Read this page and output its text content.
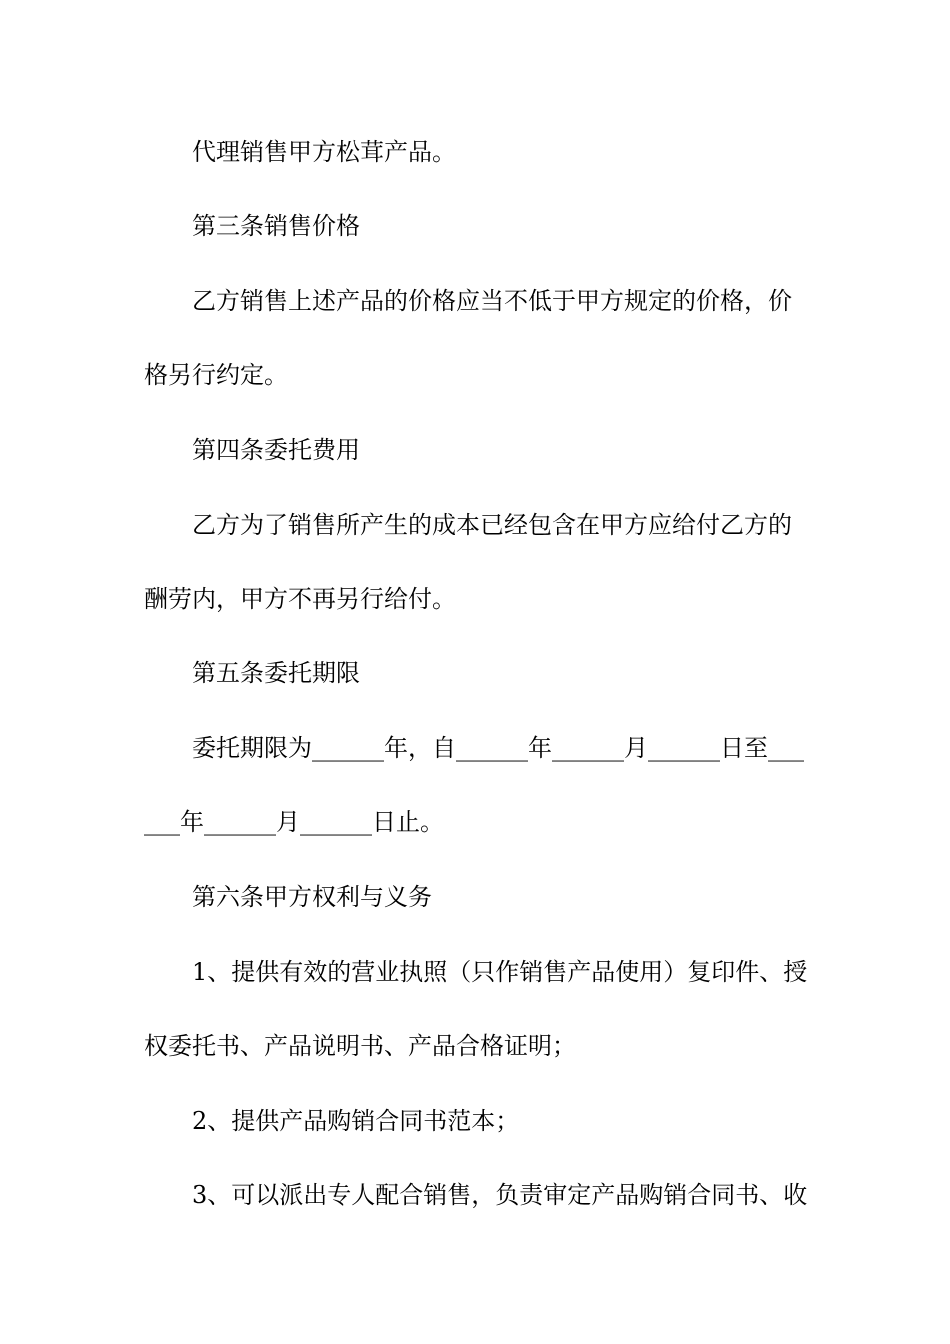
代理销售甲方松茸产品。
第三条销售价格
乙方销售上述产品的价格应当不低于甲方规定的价格，价
格另行约定。
第四条委托费用
乙方为了销售所产生的成本已经包含在甲方应给付乙方的
酬劳内，甲方不再另行给付。
第五条委托期限
委托期限为______年，自______年______月______日至___
___年______月______日止。
第六条甲方权利与义务
1、提供有效的营业执照（只作销售产品使用）复印件、授
权委托书、产品说明书、产品合格证明；
2、提供产品购销合同书范本；
3、可以派出专人配合销售，负责审定产品购销合同书、收
